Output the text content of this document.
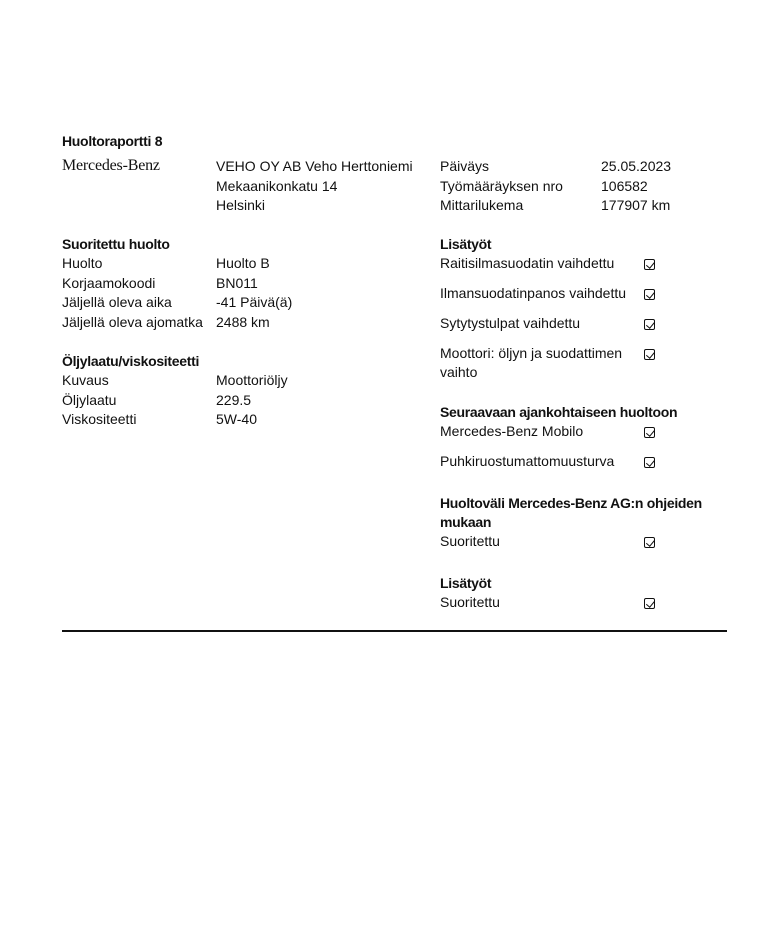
Huoltoraportti 8
Mercedes-Benz	VEHO OY AB Veho Herttoniemi
Mekaanikonkatu 14
Helsinki
Päiväys	25.05.2023
Työmääräyksen nro	106582
Mittarilukema	177907 km
Suoritettu huolto
Huolto	Huolto B
Korjaamokoodi	BN011
Jäljellä oleva aika	-41 Päivä(ä)
Jäljellä oleva ajomatka 2488 km
Öljylaatu/viskositeetti
Kuvaus	Moottoriöljy
Öljylaatu	229.5
Viskositeetti	5W-40
Lisätyöt
Raitisilmasuodatin vaihdettu
Ilmansuodatinpanos vaihdettu
Sytytystulpat vaihdettu
Moottori: öljyn ja suodattimen
vaihto
Seuraavaan ajankohtaiseen huoltoon
Mercedes-Benz Mobilo
Puhkiruostumattomuusturva
Huoltoväli Mercedes-Benz AG:n ohjeiden
mukaan
Suoritettu
Lisätyöt
Suoritettu
